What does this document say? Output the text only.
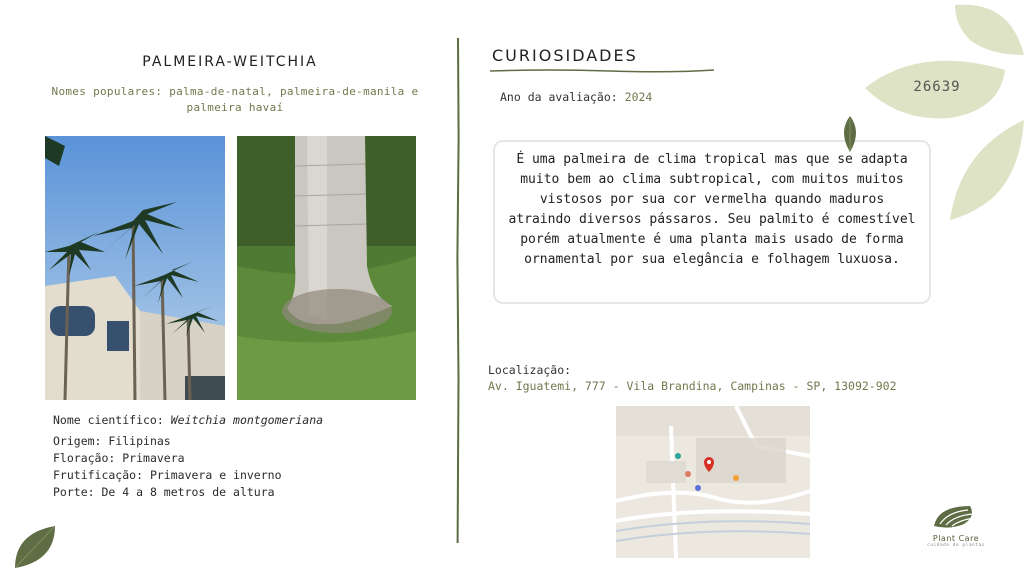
PALMEIRA-WEITCHIA
Nomes populares: palma-de-natal, palmeira-de-manila e palmeira havaí
Nome científico: Weitchia montgomeriana
Origem: Filipinas
Floração: Primavera
Frutificação: Primavera e inverno
Porte: De 4 a 8 metros de altura
CURIOSIDADES
Ano da avaliação: 2024
É uma palmeira de clima tropical mas que se adapta muito bem ao clima subtropical, com muitos muitos vistosos por sua cor vermelha quando maduros atraindo diversos pássaros. Seu palmito é comestível porém atualmente é uma planta mais usado de forma ornamental por sua elegância e folhagem luxuosa.
Localização:
Av. Iguatemi, 777 - Vila Brandina, Campinas - SP, 13092-902
26639
Plant Care
cuidado de plantas
